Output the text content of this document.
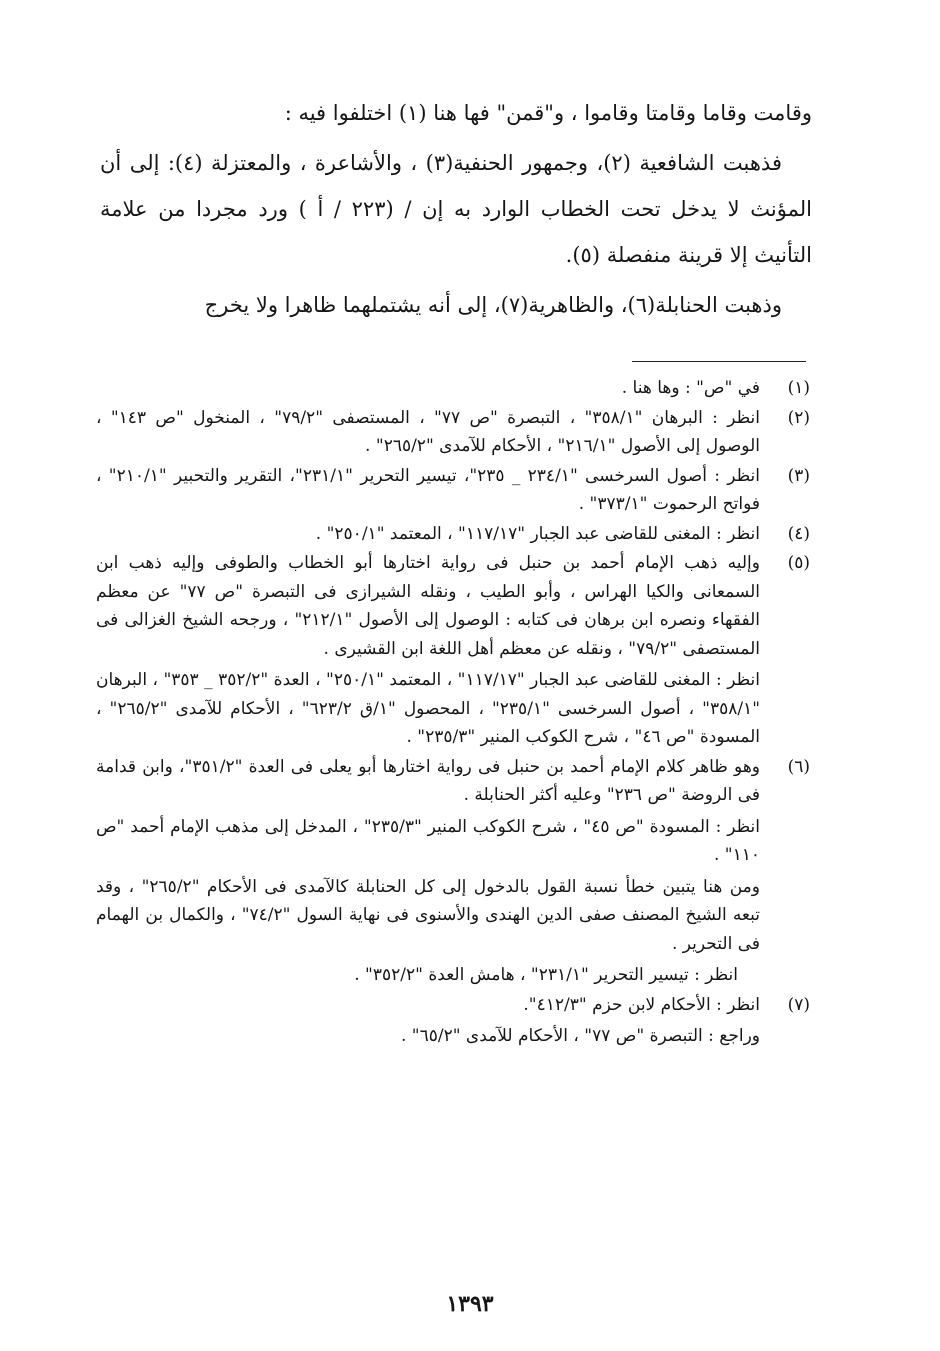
وقامت وقاما وقامتا وقاموا ، و"قمن" فها هنا (١) اختلفوا فيه :

فذهبت الشافعية (٢)، وجمهور الحنفية(٣) ، والأشاعرة ، والمعتزلة (٤): إلى أن المؤنث لا يدخل تحت الخطاب الوارد به إن / (٢٢٣ / أ ) ورد مجردا من علامة التأنيث إلا قرينة منفصلة (٥).

وذهبت الحنابلة(٦)، والظاهرية(٧)، إلى أنه يشتملهما ظاهرا ولا يخرج

(١)

في "ص" : وها هنا .

(٢)

انظر : البرهان "٣٥٨/١" ، التبصرة "ص ٧٧" ، المستصفى "٧٩/٢" ، المنخول "ص ١٤٣" ، الوصول إلى الأصول "٢١٦/١" ، الأحكام للآمدى "٢٦٥/٢" .

(٣)

انظر : أصول السرخسى "٢٣٤/١ _ ٢٣٥"، تيسير التحرير "٢٣١/١"، التقرير والتحبير "٢١٠/١" ، فواتح الرحموت "٣٧٣/١" .

(٤)

انظر : المغنى للقاضى عبد الجبار "١١٧/١٧" ، المعتمد "٢٥٠/١" .

(٥)

وإليه ذهب الإمام أحمد بن حنبل فى رواية اختارها أبو الخطاب والطوفى وإليه ذهب ابن السمعانى والكيا الهراس ، وأبو الطيب ، ونقله الشيرازى فى التبصرة "ص ٧٧" عن معظم الفقهاء ونصره ابن برهان فى كتابه : الوصول إلى الأصول "٢١٢/١" ، ورجحه الشيخ الغزالى فى المستصفى "٧٩/٢" ، ونقله عن معظم أهل اللغة ابن القشيرى .

انظر : المغنى للقاضى عبد الجبار "١١٧/١٧" ، المعتمد "٢٥٠/١" ، العدة "٣٥٢/٢ _ ٣٥٣" ، البرهان "٣٥٨/١" ، أصول السرخسى "٢٣٥/١" ، المحصول "١/ق ٦٢٣/٢" ، الأحكام للآمدى "٢٦٥/٢" ، المسودة "ص ٤٦" ، شرح الكوكب المنير "٢٣٥/٣" .

(٦)

وهو ظاهر كلام الإمام أحمد بن حنبل فى رواية اختارها أبو يعلى فى العدة "٣٥١/٢"، وابن قدامة فى الروضة "ص ٢٣٦" وعليه أكثر الحنابلة .

انظر : المسودة "ص ٤٥" ، شرح الكوكب المنير "٢٣٥/٣" ، المدخل إلى مذهب الإمام أحمد "ص ١١٠" .

ومن هنا يتبين خطأ نسبة القول بالدخول إلى كل الحنابلة كالآمدى فى الأحكام "٢٦٥/٢" ، وقد تبعه الشيخ المصنف صفى الدين الهندى والأسنوى فى نهاية السول "٧٤/٢" ، والكمال بن الهمام فى التحرير .

انظر : تيسير التحرير "٢٣١/١" ، هامش العدة "٣٥٢/٢" .

(٧)

انظر : الأحكام لابن حزم "٤١٢/٣".

وراجع : التبصرة "ص ٧٧" ، الأحكام للآمدى "٦٥/٢" .

١٣٩٣
